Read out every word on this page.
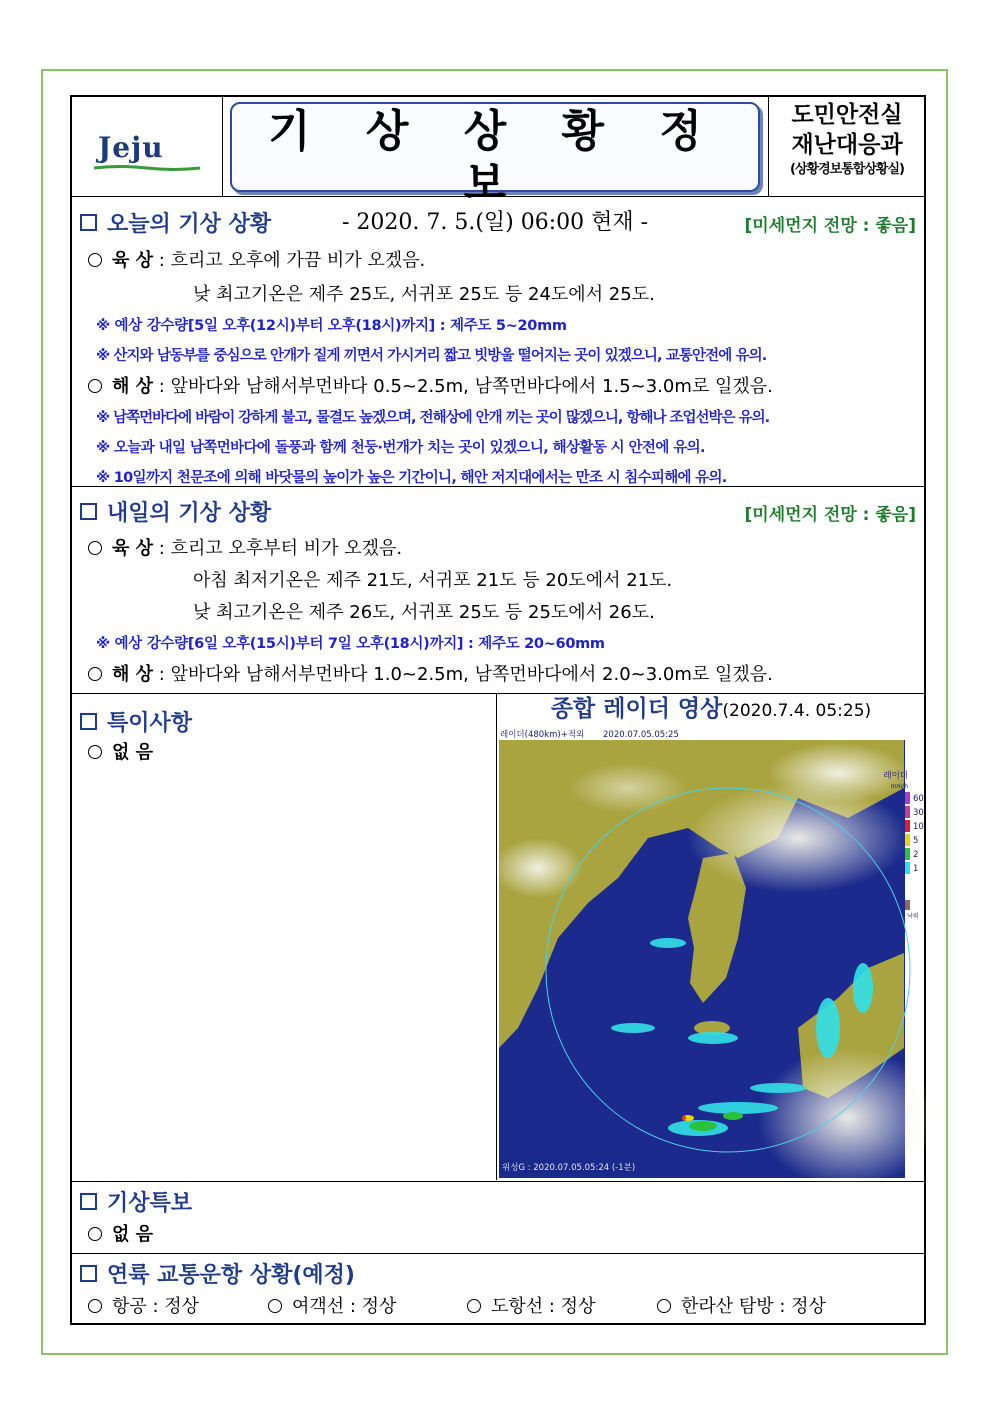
Jeju	기 상 상 황 정 보
- 2020. 7. 5.(일) 06:00 현재 -
도민안전실
재난대응과
(상황경보통합상황실)
오늘의 기상 상황	[미세먼지 전망 : 좋음]
육 상 : 흐리고 오후에 가끔 비가 오겠음.
낮 최고기온은 제주 25도, 서귀포 25도 등 24도에서 25도.
※ 예상 강수량[5일 오후(12시)부터 오후(18시)까지] : 제주도 5~20mm
※ 산지와 남동부를 중심으로 안개가 짙게 끼면서 가시거리 짧고 빗방울 떨어지는 곳이 있겠으니, 교통안전에 유의.
해 상 : 앞바다와 남해서부먼바다 0.5~2.5m, 남쪽먼바다에서 1.5~3.0m로 일겠음.
※ 남쪽먼바다에 바람이 강하게 불고, 물결도 높겠으며, 전해상에 안개 끼는 곳이 많겠으니, 항해나 조업선박은 유의.
※ 오늘과 내일 남쪽먼바다에 돌풍과 함께 천둥·번개가 치는 곳이 있겠으니, 해상활동 시 안전에 유의.
※ 10일까지 천문조에 의해 바닷물의 높이가 높은 기간이니, 해안 저지대에서는 만조 시 침수피해에 유의.
내일의 기상 상황	[미세먼지 전망 : 좋음]
육 상 : 흐리고 오후부터 비가 오겠음.
아침 최저기온은 제주 21도, 서귀포 21도 등 20도에서 21도.
낮 최고기온은 제주 26도, 서귀포 25도 등 25도에서 26도.
※ 예상 강수량[6일 오후(15시)부터 7일 오후(18시)까지] : 제주도 20~60mm
해 상 : 앞바다와 남해서부먼바다 1.0~2.5m, 남쪽먼바다에서 2.0~3.0m로 일겠음.
특이사항
없 음
종합 레이더 영상(2020.7.4. 05:25)
레이더(480km)+적외 2020.07.05.05:25
레이더
mm/h
60
30
10
5
2
1
낙뢰
위성G : 2020.07.05.05:24 (-1분)
기상특보
없 음
연륙 교통운항 상황(예정)
항공 : 정상	여객선 : 정상	도항선 : 정상	한라산 탐방 : 정상
